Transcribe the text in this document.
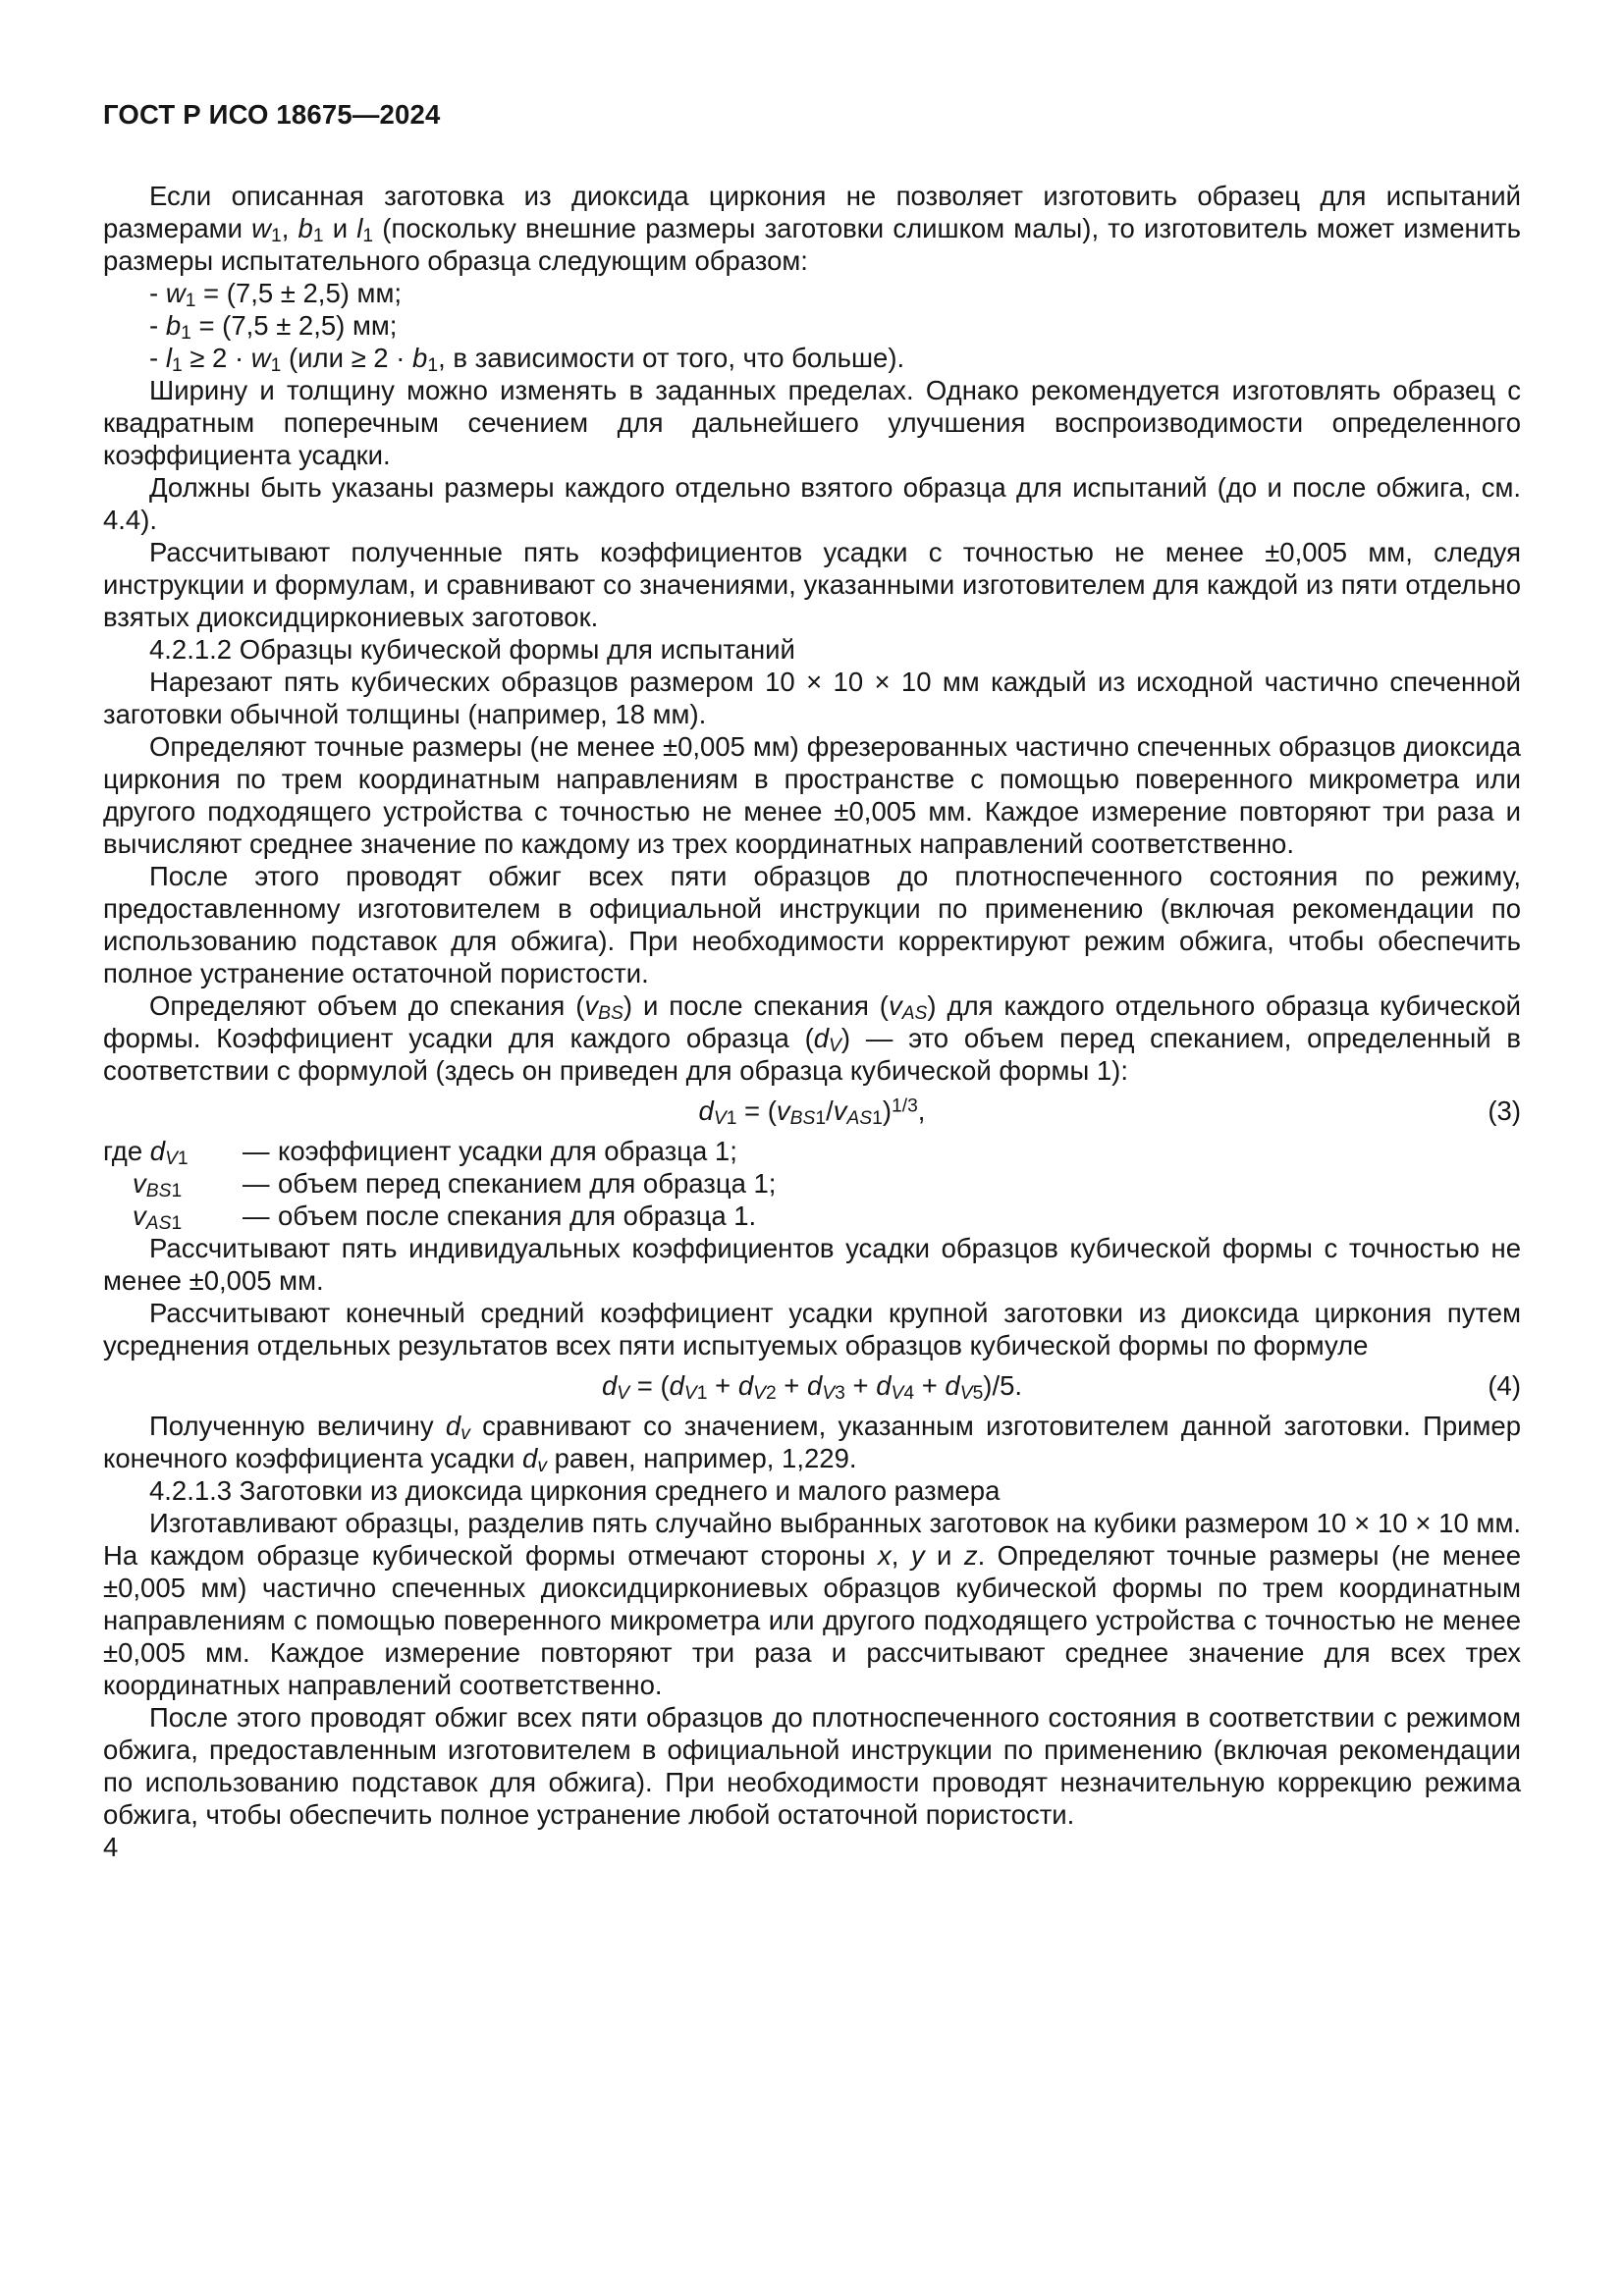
ГОСТ Р ИСО 18675—2024

Если описанная заготовка из диоксида циркония не позволяет изготовить образец для испытаний размерами $w_1$, $b_1$ и $l_1$ (поскольку внешние размеры заготовки слишком малы), то изготовитель может изменить размеры испытательного образца следующим образом:

- $w_1 = (7,5 \pm 2,5)$ мм;

- $b_1 = (7,5 \pm 2,5)$ мм;

- $l_1 \ge 2 \cdot w_1$ ($или \ge 2 \cdot b_1$, в зависимости от того, что больше).

Ширину и толщину можно изменять в заданных пределах. Однако рекомендуется изготовлять образец с квадратным поперечным сечением для дальнейшего улучшения воспроизводимости определенного коэффициента усадки.

Должны быть указаны размеры каждого отдельно взятого образца для испытаний (до и после обжига, см. 4.4).

Рассчитывают полученные пять коэффициентов усадки с точностью не менее ±0,005 мм, следуя инструкции и формулам, и сравнивают со значениями, указанными изготовителем для каждой из пяти отдельно взятых диоксидциркониевых заготовок.

4.2.1.2 Образцы кубической формы для испытаний

Нарезают пять кубических образцов размером 10 × 10 × 10 мм каждый из исходной частично спеченной заготовки обычной толщины (например, 18 мм).

Определяют точные размеры (не менее ±0,005 мм) фрезерованных частично спеченных образцов диоксида циркония по трем координатным направлениям в пространстве с помощью поверенного микрометра или другого подходящего устройства с точностью не менее ±0,005 мм. Каждое измерение повторяют три раза и вычисляют среднее значение по каждому из трех координатных направлений соответственно.

После этого проводят обжиг всех пяти образцов до плотноспеченного состояния по режиму, предоставленному изготовителем в официальной инструкции по применению (включая рекомендации по использованию подставок для обжига). При необходимости корректируют режим обжига, чтобы обеспечить полное устранение остаточной пористости.

Определяют объем до спекания $(v_{BS})$ и после спекания $(v_{AS})$ для каждого отдельного образца кубической формы. Коэффициент усадки для каждого образца $(d_V)$ — это объем перед спеканием, определенный в соответствии с формулой (здесь он приведен для образца кубической формы 1):

$d_{V1} = (v_{BS1}/v_{AS1})^{1/3}$,	(3)
где $d_{V1}$	— коэффициент усадки для образца 1;
$v_{BS1}$	— объем перед спеканием для образца 1;
$v_{AS1}$	— объем после спекания для образца 1.

Рассчитывают пять индивидуальных коэффициентов усадки образцов кубической формы с точностью не менее ±0,005 мм.

Рассчитывают конечный средний коэффициент усадки крупной заготовки из диоксида циркония путем усреднения отдельных результатов всех пяти испытуемых образцов кубической формы по формуле

$d_V = (d_{V1} + d_{V2} + d_{V3} + d_{V4} + d_{V5})/5$.	(4)

Полученную величину $d_v$ сравнивают со значением, указанным изготовителем данной заготовки. Пример конечного коэффициента усадки $d_v$ равен, например, 1,229.

4.2.1.3 Заготовки из диоксида циркония среднего и малого размера

Изготавливают образцы, разделив пять случайно выбранных заготовок на кубики размером 10 × 10 × 10 мм. На каждом образце кубической формы отмечают стороны x, y и z. Определяют точные размеры (не менее ±0,005 мм) частично спеченных диоксидциркониевых образцов кубической формы по трем координатным направлениям с помощью поверенного микрометра или другого подходящего устройства с точностью не менее ±0,005 мм. Каждое измерение повторяют три раза и рассчитывают среднее значение для всех трех координатных направлений соответственно.

После этого проводят обжиг всех пяти образцов до плотноспеченного состояния в соответствии с режимом обжига, предоставленным изготовителем в официальной инструкции по применению (включая рекомендации по использованию подставок для обжига). При необходимости проводят незначительную коррекцию режима обжига, чтобы обеспечить полное устранение любой остаточной пористости.

4
